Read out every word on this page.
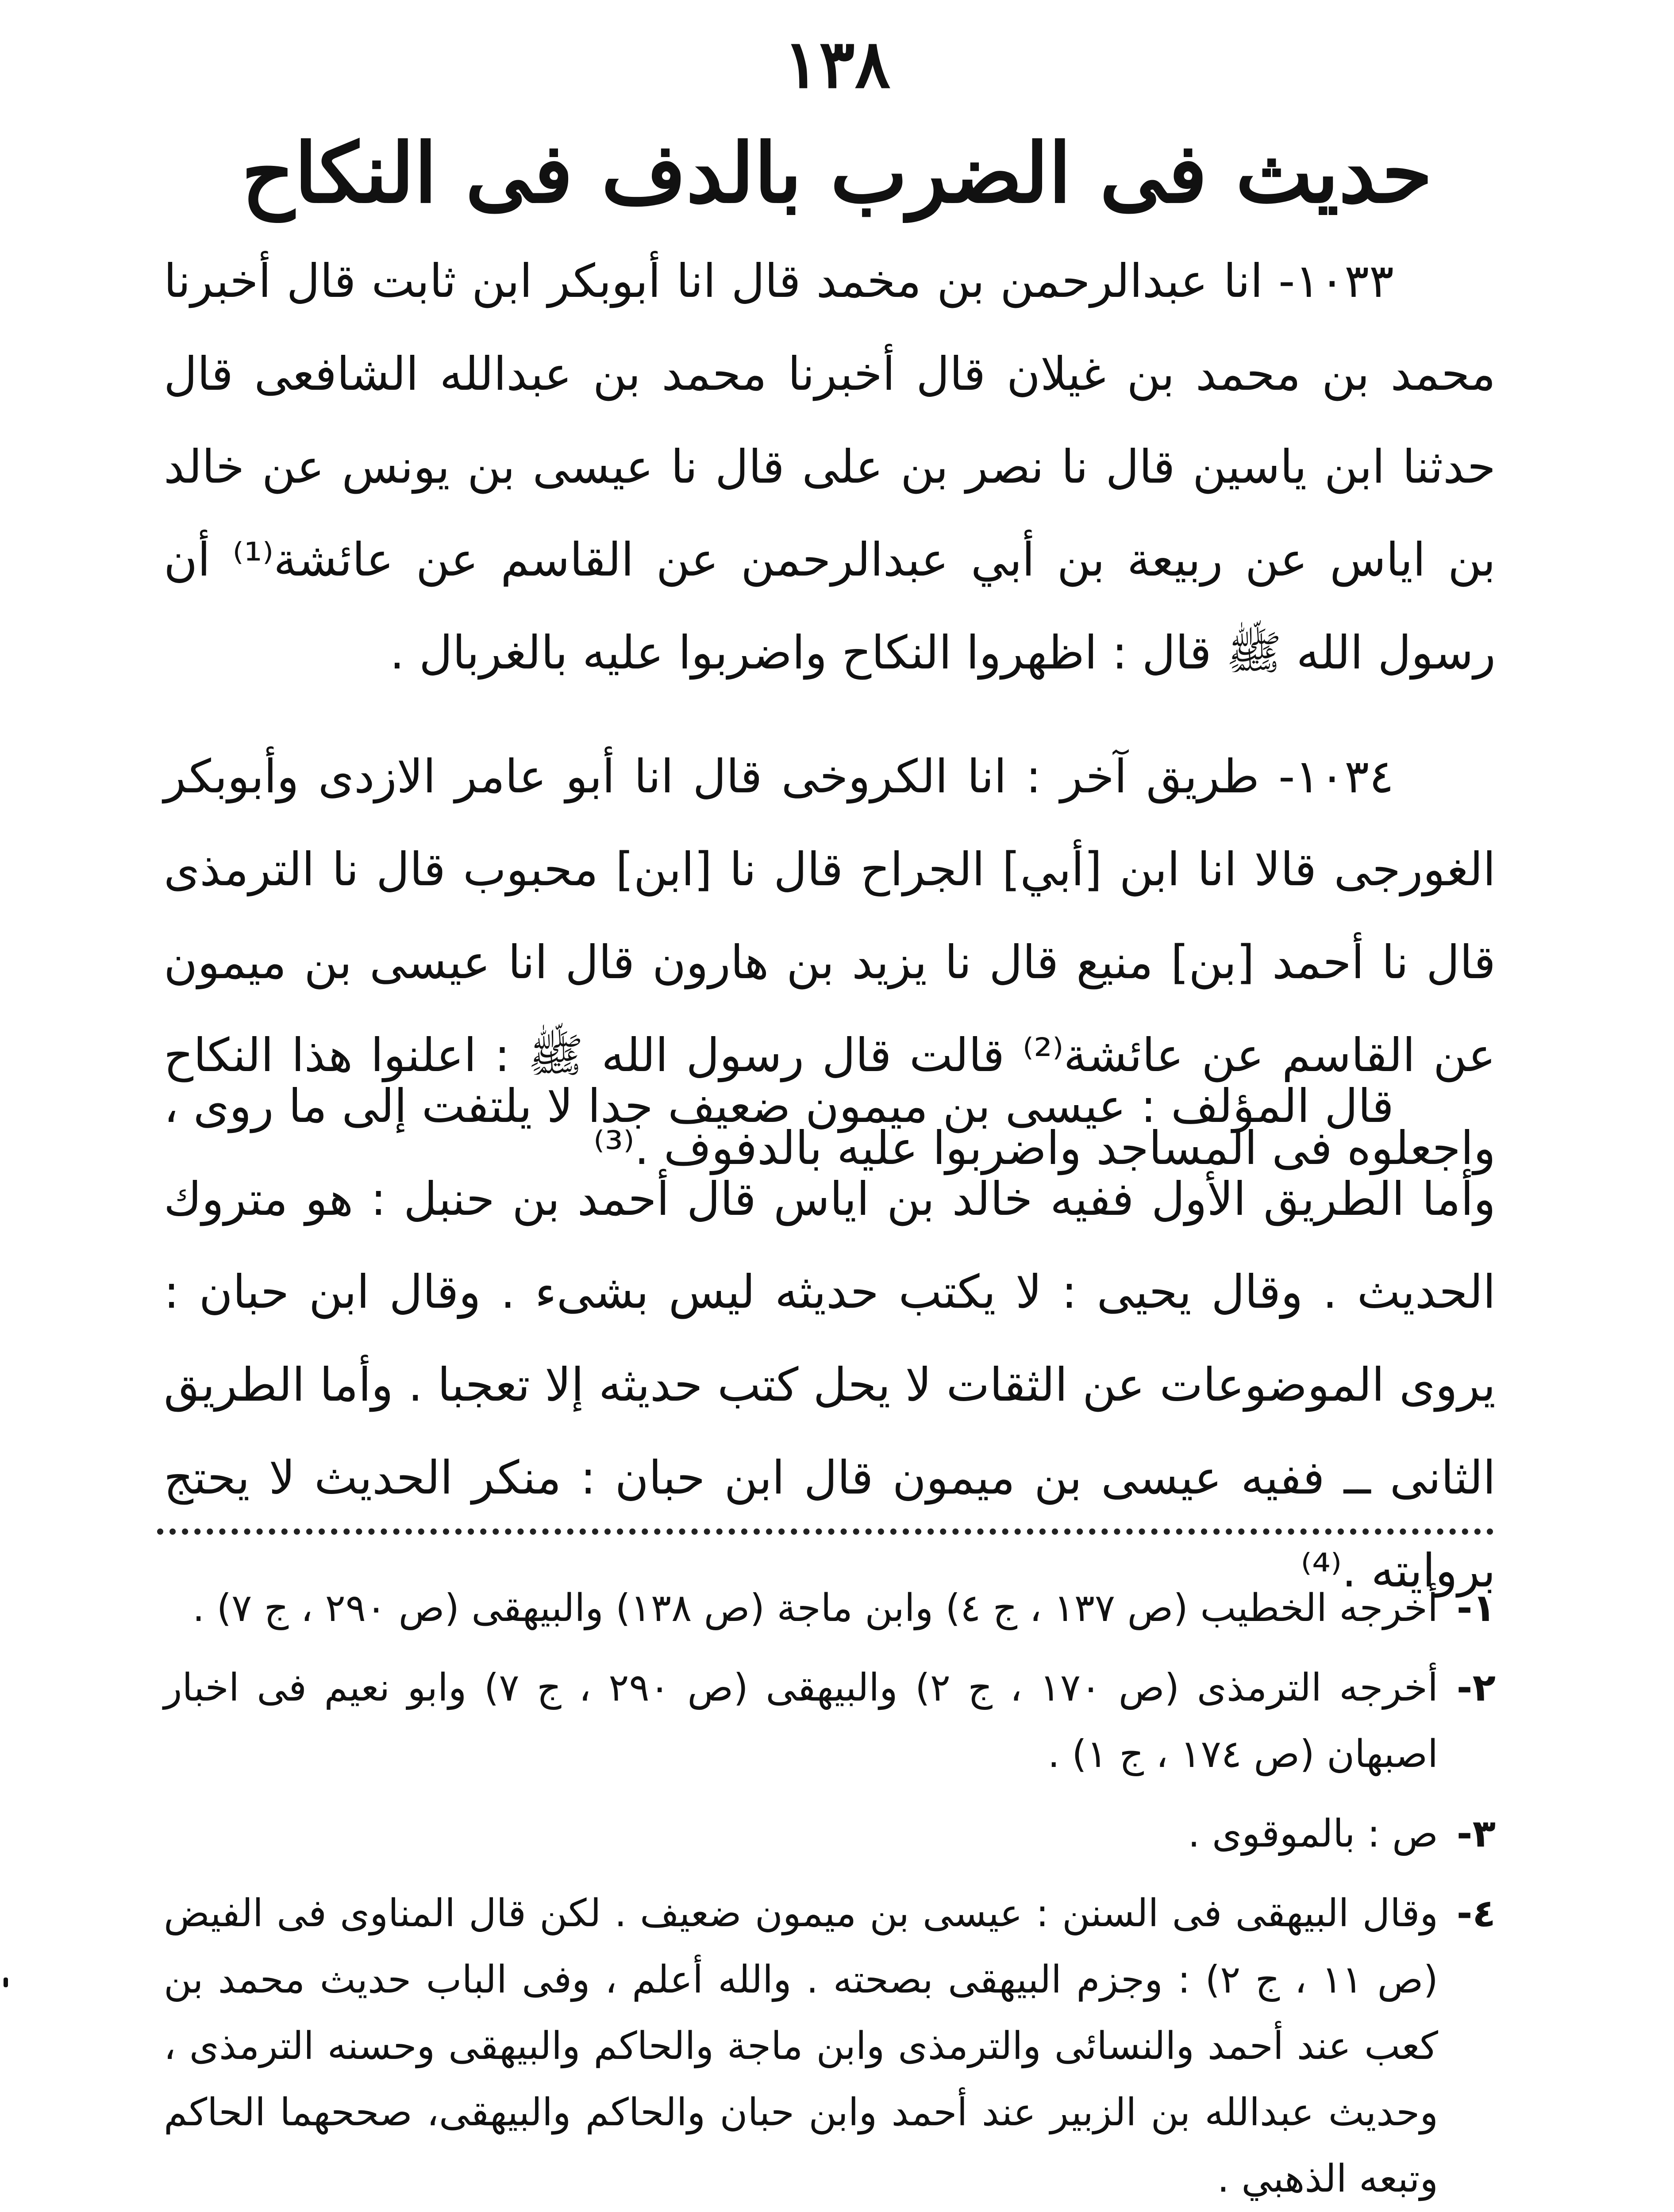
١٣٨
حديث فى الضرب بالدف فى النكاح

١٠٣٣- انا عبدالرحمن بن مخمد قال انا أبوبكر ابن ثابت قال أخبرنا محمد بن محمد بن غيلان قال أخبرنا محمد بن عبدالله الشافعى قال حدثنا ابن ياسين قال نا نصر بن على قال نا عيسى بن يونس عن خالد بن اياس عن ربيعة بن أبي عبدالرحمن عن القاسم عن عائشة⁽¹⁾ أن رسول الله ﷺ قال : اظهروا النكاح واضربوا عليه بالغربال .

١٠٣٤- طريق آخر : انا الكروخى قال انا أبو عامر الازدى وأبوبكر الغورجى قالا انا ابن [أبي] الجراح قال نا [ابن] محبوب قال نا الترمذى قال نا أحمد [بن] منيع قال نا يزيد بن هارون قال انا عيسى بن ميمون عن القاسم عن عائشة⁽²⁾ قالت قال رسول الله ﷺ : اعلنوا هذا النكاح واجعلوه فى المساجد واضربوا عليه بالدفوف .⁽³⁾

قال المؤلف : عيسى بن ميمون ضعيف جدا لا يلتفت إلى ما روى ، وأما الطريق الأول ففيه خالد بن اياس قال أحمد بن حنبل : هو متروك الحديث . وقال يحيى : لا يكتب حديثه ليس بشىء . وقال ابن حبان : يروى الموضوعات عن الثقات لا يحل كتب حديثه إلا تعجبا . وأما الطريق الثانى ــ ففيه عيسى بن ميمون قال ابن حبان : منكر الحديث لا يحتج بروايته .⁽⁴⁾

١-
أخرجه الخطيب (ص ١٣٧ ، ج ٤) وابن ماجة (ص ١٣٨) والبيهقى (ص ٢٩٠ ، ج ٧) .
٢-
أخرجه الترمذى (ص ١٧٠ ، ج ٢) والبيهقى (ص ٢٩٠ ، ج ٧) وابو نعيم فى اخبار اصبهان (ص ١٧٤ ، ج ١) .
٣-
ص : بالموقوى .
٤-
وقال البيهقى فى السنن : عيسى بن ميمون ضعيف . لكن قال المناوى فى الفيض (ص ١١ ، ج ٢) : وجزم البيهقى بصحته . والله أعلم ، وفى الباب حديث محمد بن كعب عند أحمد والنسائى والترمذى وابن ماجة والحاكم والبيهقى وحسنه الترمذى ، وحديث عبدالله بن الزبير عند أحمد وابن حبان والحاكم والبيهقى، صححهما الحاكم وتبعه الذهبي .
